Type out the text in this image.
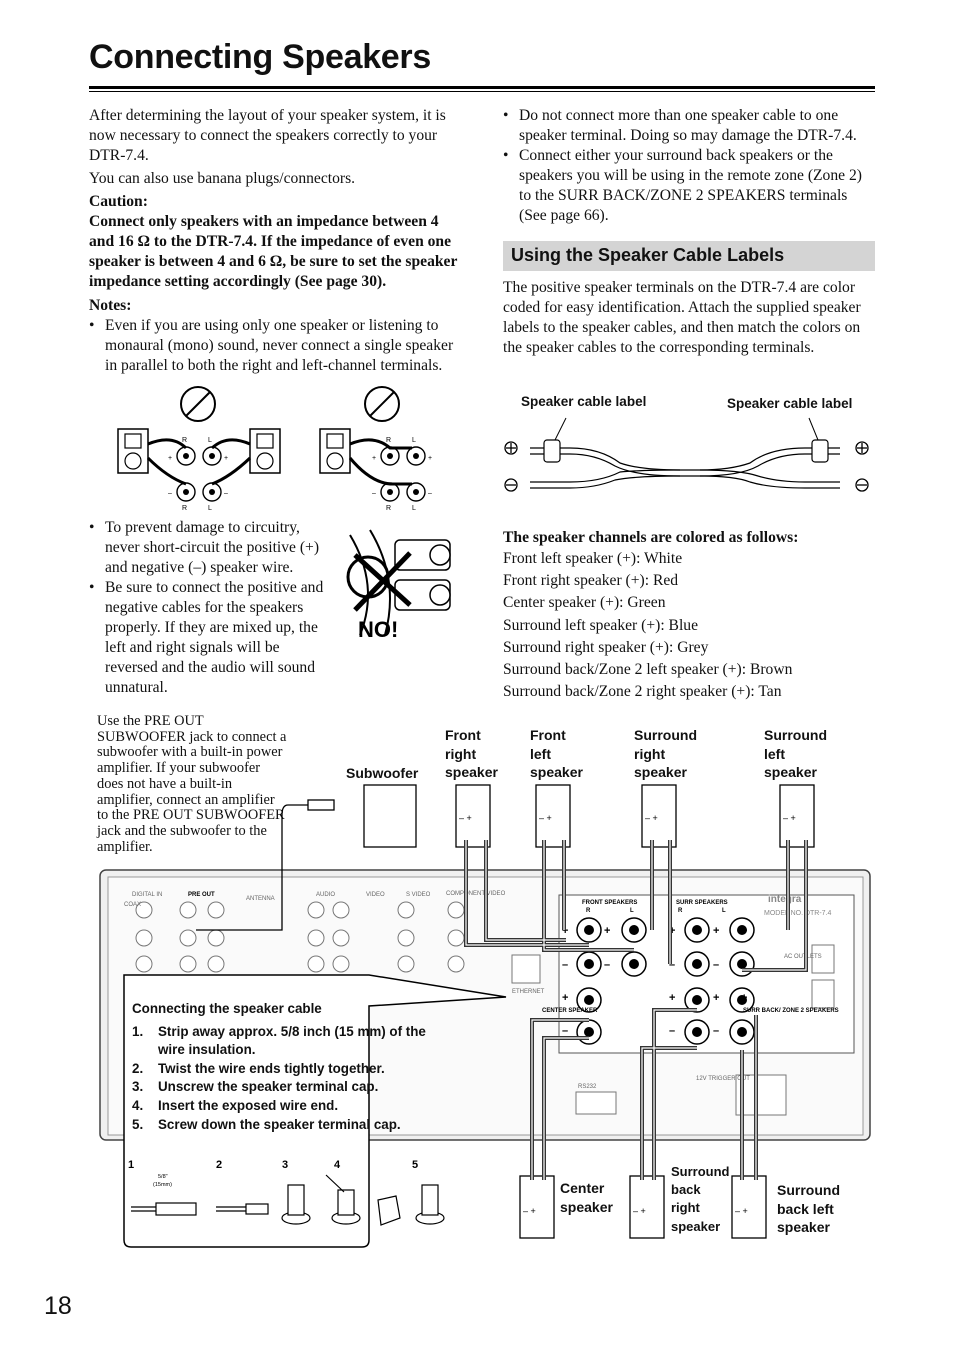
Connecting Speakers

After determining the layout of your speaker system, it is now necessary to connect the speakers correctly to your DTR-7.4.

You can also use banana plugs/connectors.

Caution:

Connect only speakers with an impedance between 4 and 16 Ω to the DTR-7.4. If the impedance of even one speaker is between 4 and 6 Ω, be sure to set the speaker impedance setting accordingly (See page 30).

Notes:

• Even if you are using only one speaker or listening to monaural (mono) sound, never connect a single speaker in parallel to both the right and left-channel terminals.

R	L
R	L
R	L
R	L
+	+
–	–
+	+
–	–

• To prevent damage to circuitry, never short-circuit the positive (+) and negative (–) speaker wire.

• Be sure to connect the positive and negative cables for the speakers properly. If they are mixed up, the left and right signals will be reversed and the audio will sound unnatural.

NO!

• Do not connect more than one speaker cable to one speaker terminal. Doing so may damage the DTR-7.4.

• Connect either your surround back speakers or the speakers you will be using in the remote zone (Zone 2) to the SURR BACK/ZONE 2 SPEAKERS terminals (See page 66).

Using the Speaker Cable Labels

The positive speaker terminals on the DTR-7.4 are color coded for easy identification. Attach the supplied speaker labels to the speaker cables, and then match the colors on the speaker cables to the corresponding terminals.

Speaker cable label	Speaker cable label

The speaker channels are colored as follows:

Front left speaker (+): White

Front right speaker (+): Red

Center speaker (+): Green

Surround left speaker (+): Blue

Surround right speaker (+): Grey

Surround back/Zone 2 left speaker (+): Brown

Surround back/Zone 2 right speaker (+): Tan

Use the PRE OUT SUBWOOFER jack to connect a subwoofer with a built-in power amplifier. If your subwoofer does not have a built-in amplifier, connect an amplifier to the PRE OUT SUBWOOFER jack and the subwoofer to the amplifier.
+	+	+	+ +
–	–	–	– –
+	+	+ +
–	–	–
DIGITAL IN
COAX
PRE OUT
ANTENNA
AUDIO	VIDEO	S VIDEO	COMPONENT VIDEO
ETHERNET
RS232
12V TRIGGER OUT
AC OUTLETS
FRONT SPEAKERS	SURR SPEAKERS
CENTER SPEAKER	SURR BACK/ ZONE 2 SPEAKERS
R	L	R	L
integra
MODEL NO. DTR-7.4
– +	– +	– +	– +
– +	– +	– +
5/8"
(15mm)
1	2	3	4	5
Subwoofer
Front
right
speaker
Front
left
speaker
Surround
right
speaker
Surround
left
speaker
Center
speaker
Surround
back
right
speaker
Surround
back left
speaker
Connecting the speaker cable
1.	Strip away approx. 5/8 inch (15 mm) of the wire insulation.
2.	Twist the wire ends tightly together.
3.	Unscrew the speaker terminal cap.
4.	Insert the exposed wire end.
5.	Screw down the speaker terminal cap.
18
